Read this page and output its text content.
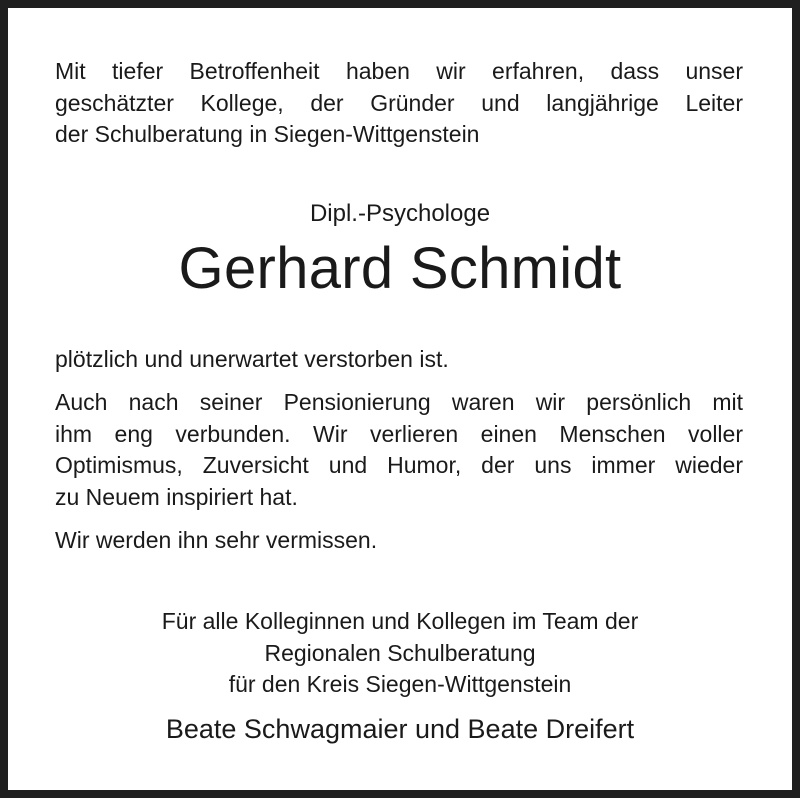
Mit tiefer Betroffenheit haben wir erfahren, dass unser
geschätzter Kollege, der Gründer und langjährige Leiter
der Schulberatung in Siegen-Wittgenstein

Dipl.-Psychologe

Gerhard Schmidt

plötzlich und unerwartet verstorben ist.

Auch nach seiner Pensionierung waren wir persönlich mit
ihm eng verbunden. Wir verlieren einen Menschen voller
Optimismus, Zuversicht und Humor, der uns immer wieder
zu Neuem inspiriert hat.

Wir werden ihn sehr vermissen.

Für alle Kolleginnen und Kollegen im Team der
Regionalen Schulberatung
für den Kreis Siegen-Wittgenstein

Beate Schwagmaier und Beate Dreifert
